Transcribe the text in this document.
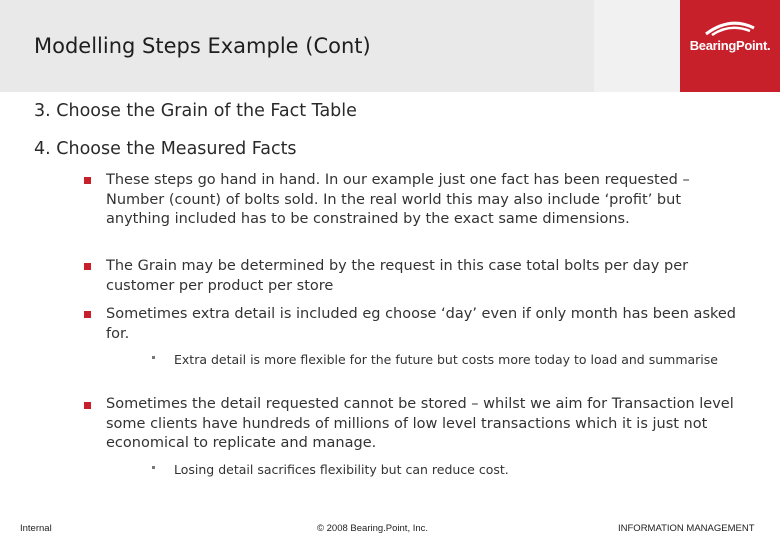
Modelling Steps Example (Cont)	BearingPoint.
3. Choose the Grain of the Fact Table
4. Choose the Measured Facts
These steps go hand in hand. In our example just one fact has been requested – Number (count) of bolts sold. In the real world this may also include ‘profit’ but anything included has to be constrained by the exact same dimensions.
The Grain may be determined by the request in this case total bolts per day per customer per product per store
Sometimes extra detail is included eg choose ‘day’ even if only month has been asked for.
Extra detail is more flexible for the future but costs more today to load and summarise
Sometimes the detail requested cannot be stored – whilst we aim for Transaction level some clients have hundreds of millions of low level transactions which it is just not economical to replicate and manage.
Losing detail sacrifices flexibility but can reduce cost.
Internal	© 2008 Bearing.Point, Inc.	INFORMATION MANAGEMENT
